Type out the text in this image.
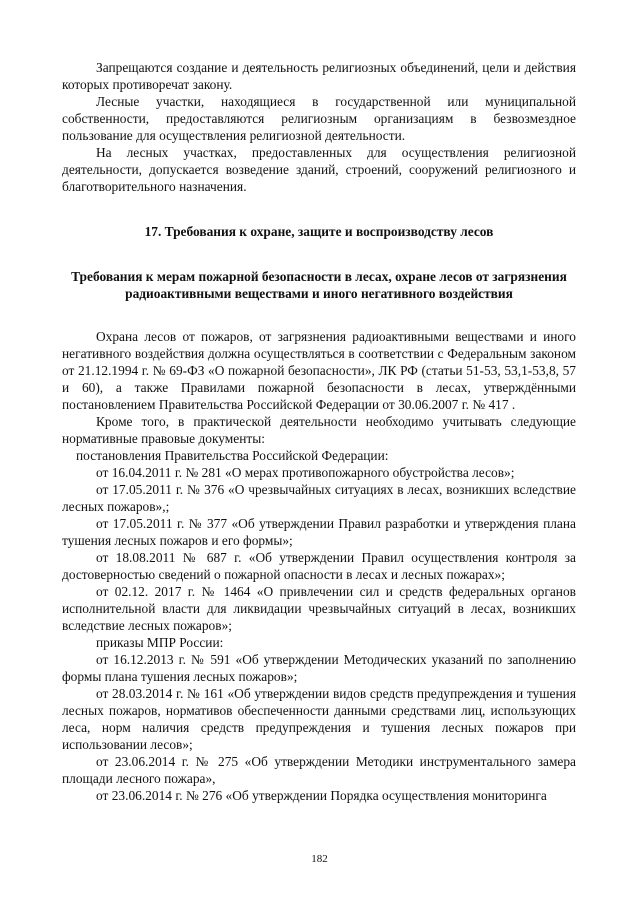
Запрещаются создание и деятельность религиозных объединений, цели и действия которых противоречат закону.

Лесные участки, находящиеся в государственной или муниципальной собственности, предоставляются религиозным организациям в безвозмездное пользование для осуществления религиозной деятельности.

На лесных участках, предоставленных для осуществления религиозной деятельности, допускается возведение зданий, строений, сооружений религиозного и благотворительного назначения.

17. Требования к охране, защите и воспроизводству лесов
Требования к мерам пожарной безопасности в лесах, охране лесов от загрязнения радиоактивными веществами и иного негативного воздействия

Охрана лесов от пожаров, от загрязнения радиоактивными веществами и иного негативного воздействия должна осуществляться в соответствии с Федеральным законом от 21.12.1994 г. № 69-ФЗ «О пожарной безопасности», ЛК РФ (статьи 51-53, 53,1-53,8, 57 и 60), а также Правилами пожарной безопасности в лесах, утверждёнными постановлением Правительства Российской Федерации от 30.06.2007 г. № 417 .

Кроме того, в практической деятельности необходимо учитывать следующие нормативные правовые документы:

постановления Правительства Российской Федерации:

от 16.04.2011 г. № 281 «О мерах противопожарного обустройства лесов»;

от 17.05.2011 г. № 376 «О чрезвычайных ситуациях в лесах, возникших вследствие лесных пожаров»,;

от 17.05.2011 г. № 377 «Об утверждении Правил разработки и утверждения плана тушения лесных пожаров и его формы»;

от 18.08.2011 № 687 г. «Об утверждении Правил осуществления контроля за достоверностью сведений о пожарной опасности в лесах и лесных пожарах»;

от 02.12. 2017 г. № 1464 «О привлечении сил и средств федеральных органов исполнительной власти для ликвидации чрезвычайных ситуаций в лесах, возникших вследствие лесных пожаров»;

приказы МПР России:

от 16.12.2013 г. № 591 «Об утверждении Методических указаний по заполнению формы плана тушения лесных пожаров»;

от 28.03.2014 г. № 161 «Об утверждении видов средств предупреждения и тушения лесных пожаров, нормативов обеспеченности данными средствами лиц, использующих леса, норм наличия средств предупреждения и тушения лесных пожаров при использовании лесов»;

от 23.06.2014 г. № 275 «Об утверждении Методики инструментального замера площади лесного пожара»,

от 23.06.2014 г. № 276 «Об утверждении Порядка осуществления мониторинга

182
